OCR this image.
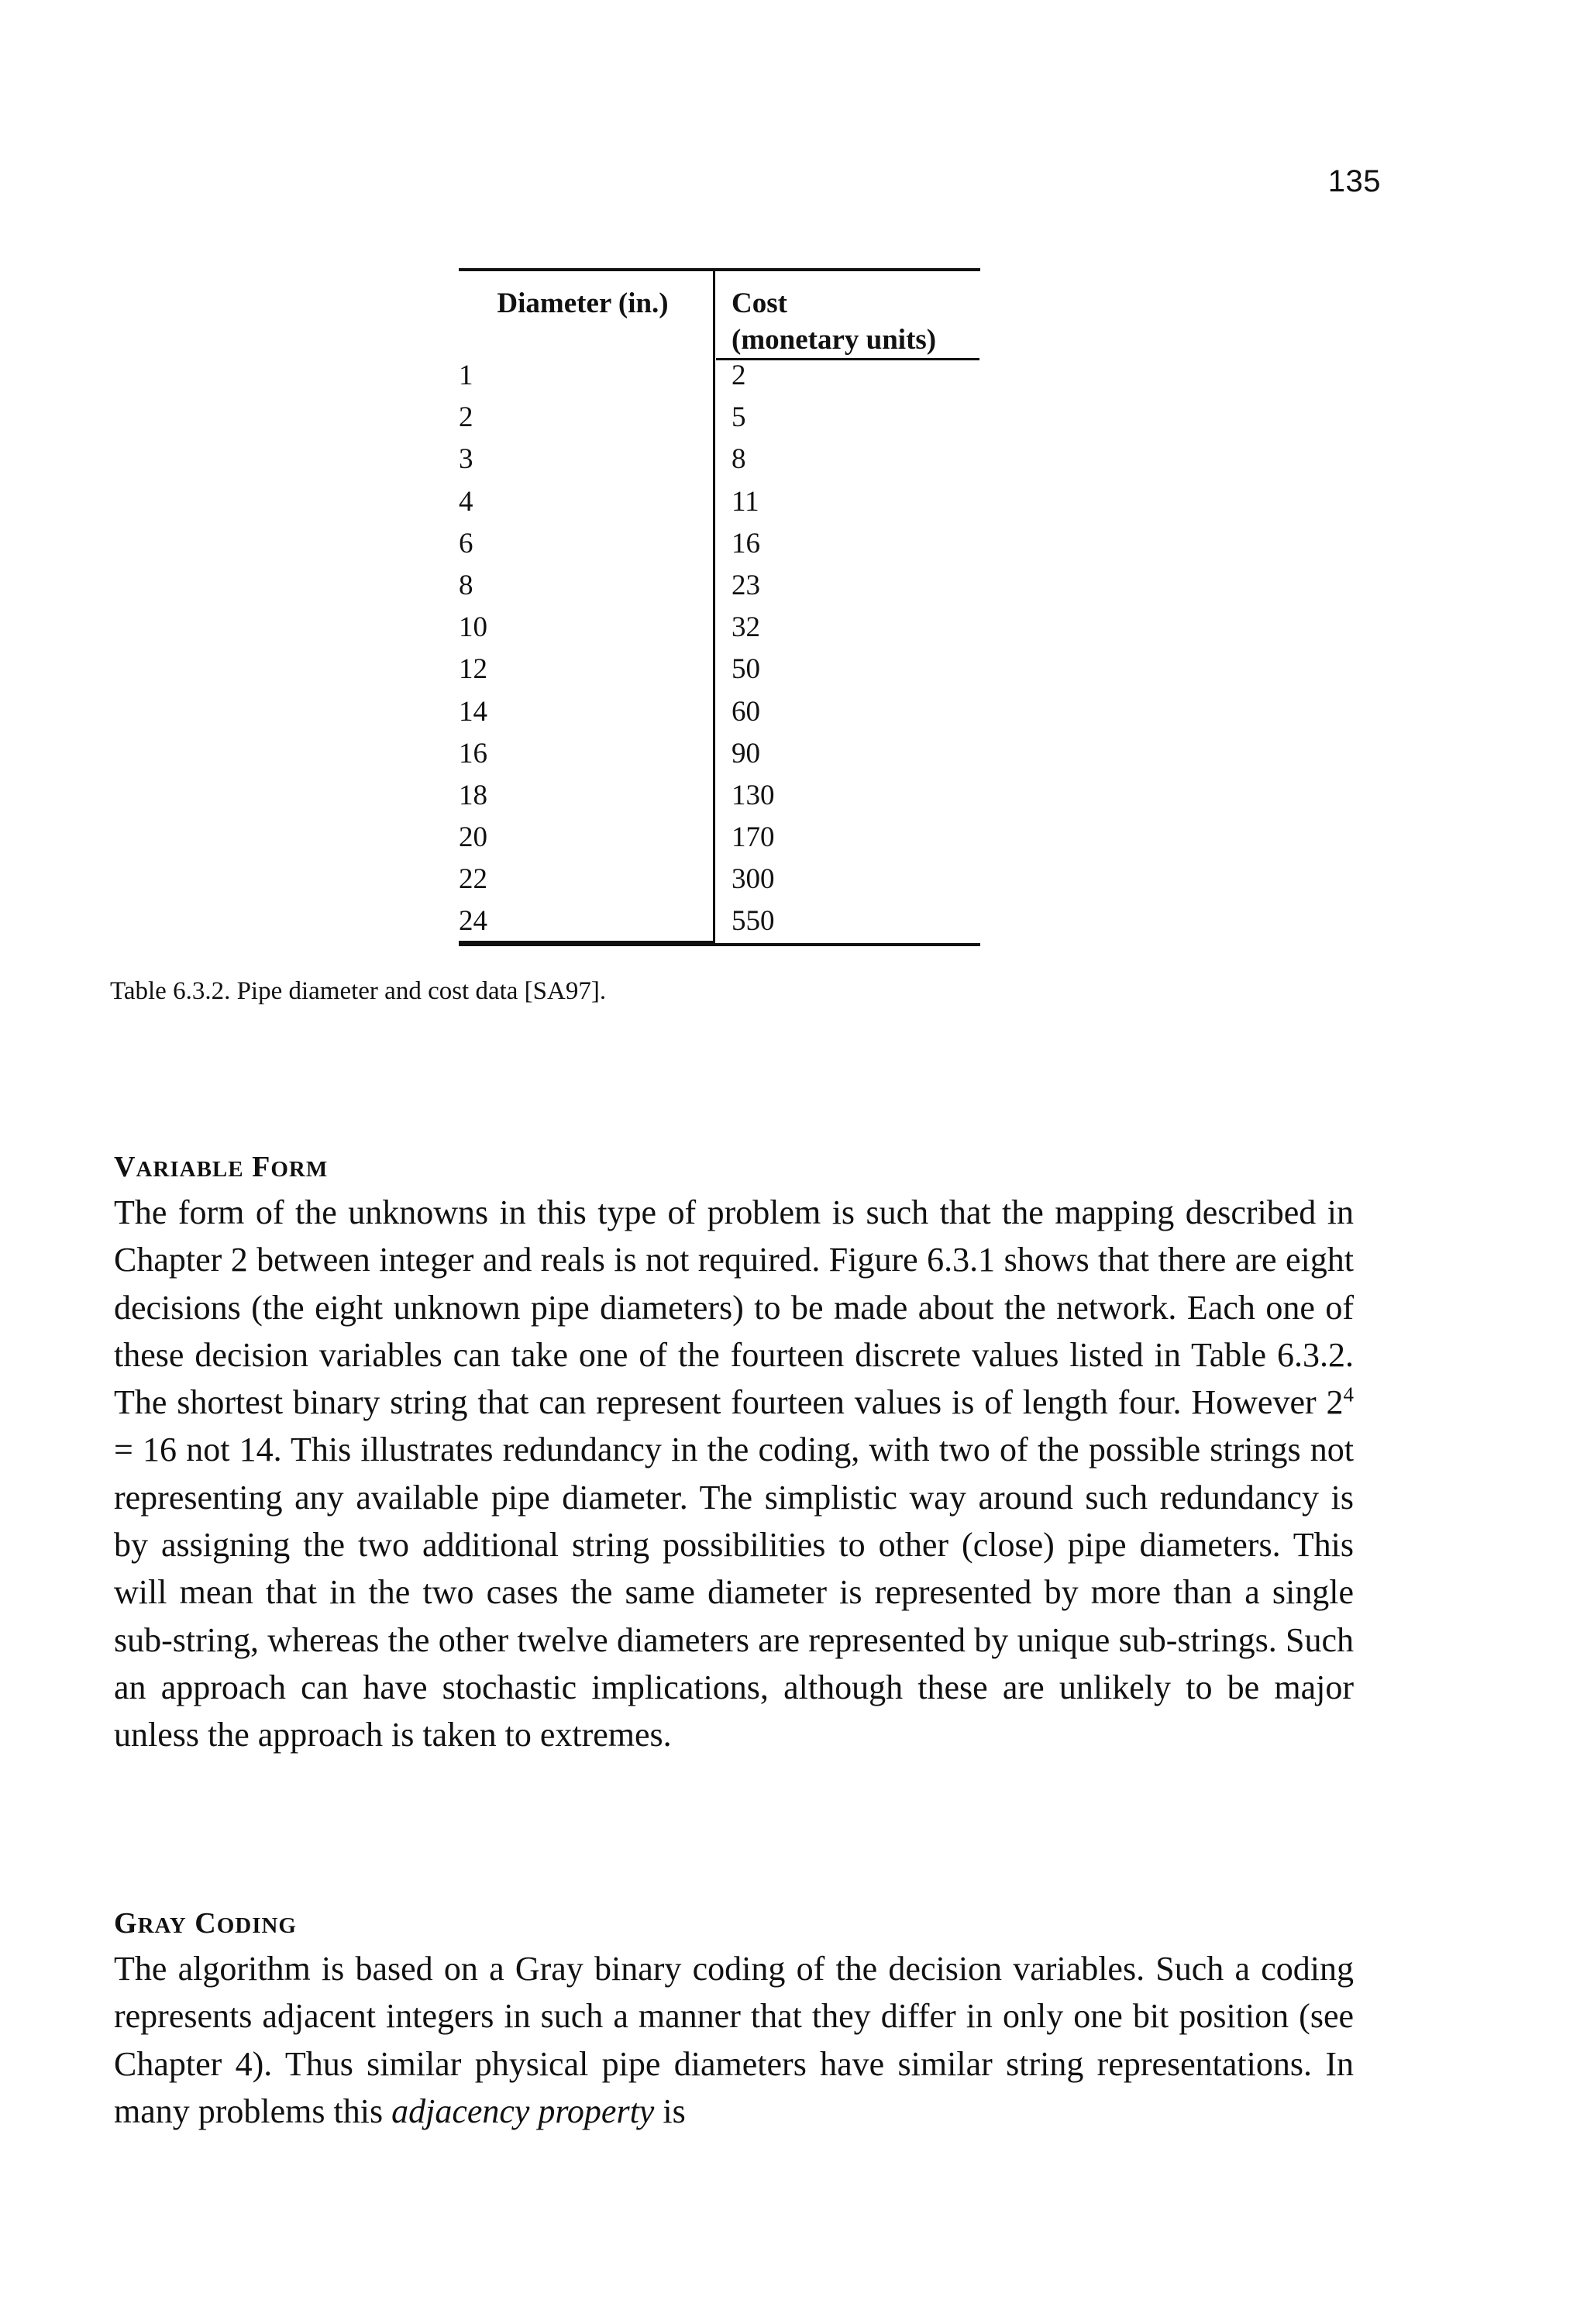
135
Diameter (in.)	Cost
(monetary units)
1	2
2	5
3	8
4	11
6	16
8	23
10	32
12	50
14	60
16	90
18	130
20	170
22	300
24	550
Table 6.3.2. Pipe diameter and cost data [SA97].
VARIABLE FORM

The form of the unknowns in this type of problem is such that the mapping described in Chapter 2 between integer and reals is not required. Figure 6.3.1 shows that there are eight decisions (the eight unknown pipe diameters) to be made about the network. Each one of these decision variables can take one of the fourteen discrete values listed in Table 6.3.2. The shortest binary string that can represent fourteen values is of length four. However $2^4 = 16$ not 14. This illustrates redundancy in the coding, with two of the possible strings not representing any available pipe diameter. The simplistic way around such redundancy is by assigning the two additional string possibilities to other (close) pipe diameters. This will mean that in the two cases the same diameter is represented by more than a single sub-string, whereas the other twelve diameters are represented by unique sub-strings. Such an approach can have stochastic implications, although these are unlikely to be major unless the approach is taken to extremes.

GRAY CODING

The algorithm is based on a Gray binary coding of the decision variables. Such a coding represents adjacent integers in such a manner that they differ in only one bit position (see Chapter 4). Thus similar physical pipe diameters have similar string representations. In many problems this adjacency property is
